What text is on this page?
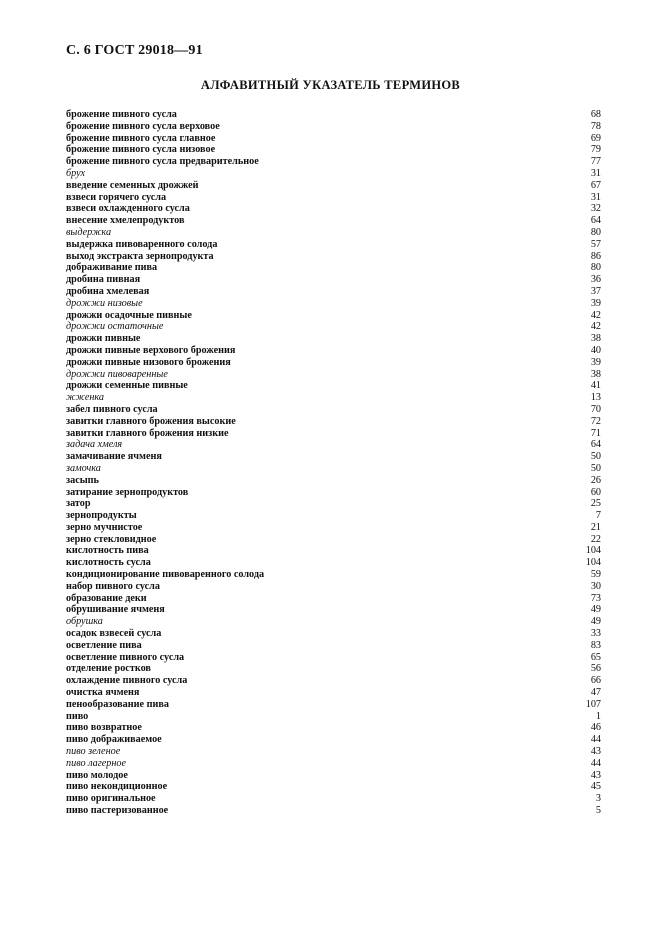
С. 6 ГОСТ 29018—91
АЛФАВИТНЫЙ УКАЗАТЕЛЬ ТЕРМИНОВ
брожение пивного сусла	68
брожение пивного сусла верховое	78
брожение пивного сусла главное	69
брожение пивного сусла низовое	79
брожение пивного сусла предварительное	77
брух	31
введение семенных дрожжей	67
взвеси горячего сусла	31
взвеси охлажденного сусла	32
внесение хмелепродуктов	64
выдержка	80
выдержка пивоваренного солода	57
выход экстракта зернопродукта	86
дображивание пива	80
дробина пивная	36
дробина хмелевая	37
дрожжи низовые	39
дрожжи осадочные пивные	42
дрожжи остаточные	42
дрожжи пивные	38
дрожжи пивные верхового брожения	40
дрожжи пивные низового брожения	39
дрожжи пивоваренные	38
дрожжи семенные пивные	41
жженка	13
забел пивного сусла	70
завитки главного брожения высокие	72
завитки главного брожения низкие	71
задача хмеля	64
замачивание ячменя	50
замочка	50
засыпь	26
затирание зернопродуктов	60
затор	25
зернопродукты	7
зерно мучнистое	21
зерно стекловидное	22
кислотность пива	104
кислотность сусла	104
кондиционирование пивоваренного солода	59
набор пивного сусла	30
образование деки	73
обрушивание ячменя	49
обрушка	49
осадок взвесей сусла	33
осветление пива	83
осветление пивного сусла	65
отделение ростков	56
охлаждение пивного сусла	66
очистка ячменя	47
пенообразование пива	107
пиво	1
пиво возвратное	46
пиво дображиваемое	44
пиво зеленое	43
пиво лагерное	44
пиво молодое	43
пиво некондиционное	45
пиво оригинальное	3
пиво пастеризованное	5
